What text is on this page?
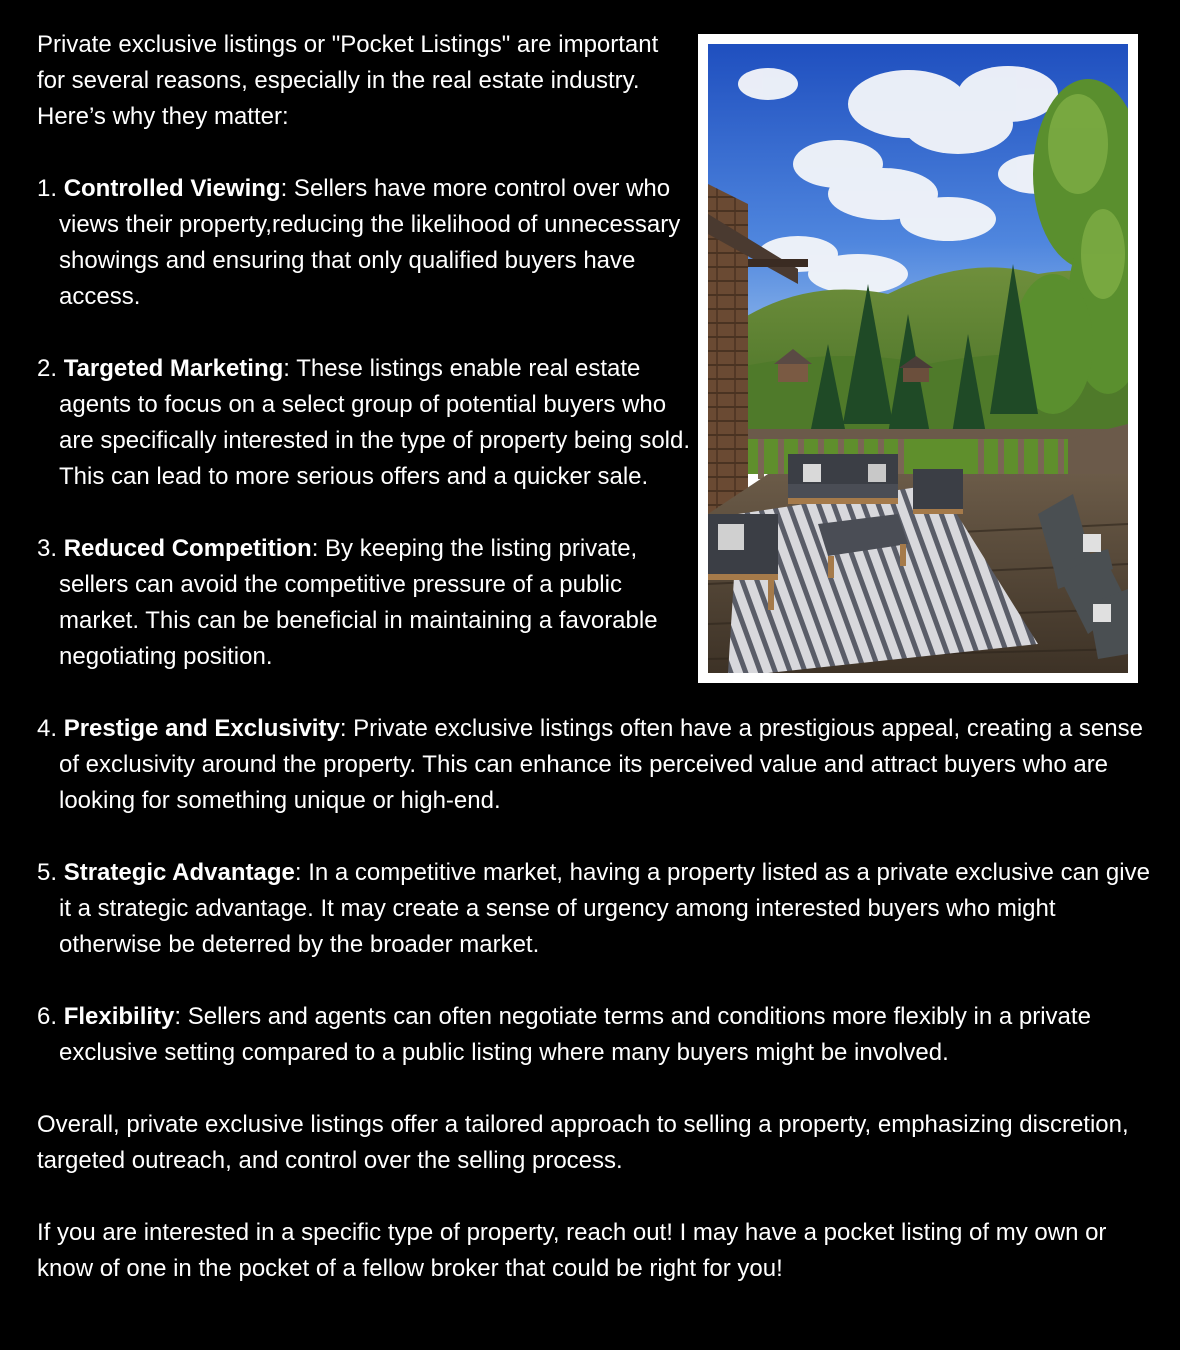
Private exclusive listings or "Pocket Listings" are important for several reasons, especially in the real estate industry. Here’s why they matter:

1. Controlled Viewing: Sellers have more control over who views their property,reducing the likelihood of unnecessary showings and ensuring that only qualified buyers have access.

2. Targeted Marketing: These listings enable real estate agents to focus on a select group of potential buyers who are specifically interested in the type of property being sold. This can lead to more serious offers and a quicker sale.

3. Reduced Competition: By keeping the listing private, sellers can avoid the competitive pressure of a public market. This can be beneficial in maintaining a favorable negotiating position.

4. Prestige and Exclusivity: Private exclusive listings often have a prestigious appeal, creating a sense of exclusivity around the property. This can enhance its perceived value and attract buyers who are looking for something unique or high-end.

5. Strategic Advantage: In a competitive market, having a property listed as a private exclusive can give it a strategic advantage. It may create a sense of urgency among interested buyers who might otherwise be deterred by the broader market.

6. Flexibility: Sellers and agents can often negotiate terms and conditions more flexibly in a private exclusive setting compared to a public listing where many buyers might be involved.

Overall, private exclusive listings offer a tailored approach to selling a property, emphasizing discretion, targeted outreach, and control over the selling process.

If you are interested in a specific type of property, reach out! I may have a pocket listing of my own or know of one in the pocket of a fellow broker that could be right for you!
